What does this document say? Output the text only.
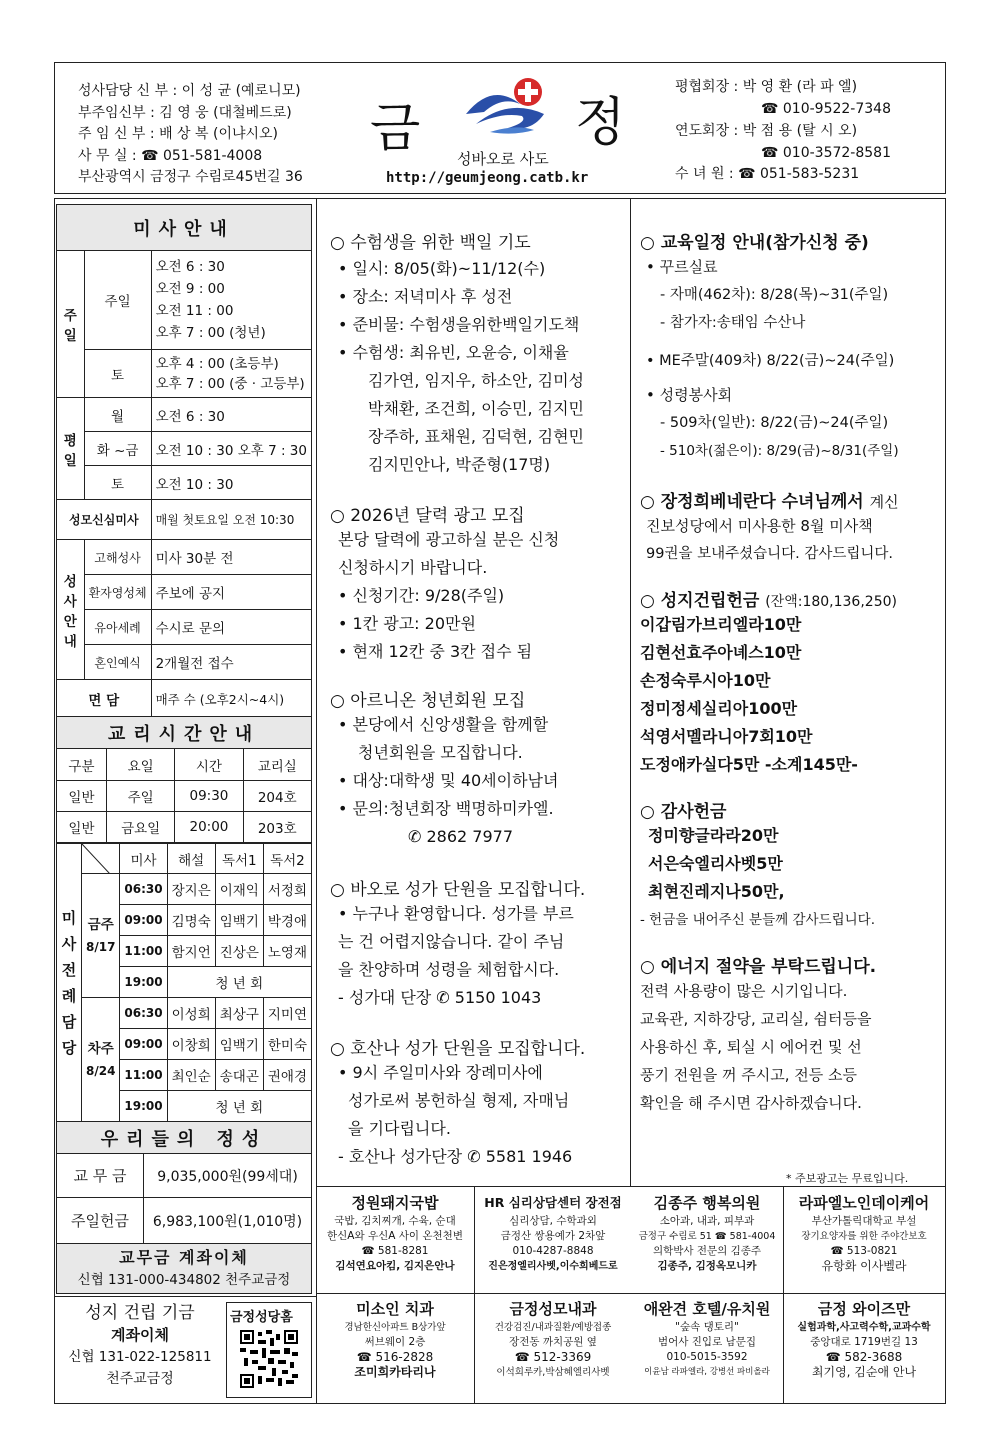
성사담당 신 부 : 이 성 균 (예로니모)
부주임신부 : 김 영 웅 (대철베드로)
주 임 신 부 : 배 상 복 (이냐시오)
사 무 실 : ☎ 051-581-4008
부산광역시 금정구 수림로45번길 36
금	정
성바오로 사도
http://geumjeong.catb.kr
평협회장 : 박 영 환 (라 파 엘)
☎ 010-9522-7348
연도회장 : 박 점 용 (탈 시 오)
☎ 010-3572-8581
수 녀 원 : ☎ 051-583-5231
미사안내		
주일	주일	오전 6 : 30
오전 9 : 00
오전 11 : 00
오후 7 : 00 (청년)

	토	오후 4 : 00 (초등부)
오후 7 : 00 (중 · 고등부)

평일	월	오전 6 : 30
	화 ~금	오전 10 : 30 오후 7 : 30
	토	오전 10 : 30
성모신심미사		매월 첫토요일 오전 10:30
성사안내	고해성사	미사 30분 전
	환자영성체	주보에 공지
	유아세례	수시로 문의
	혼인예식	2개월전 접수
면 담		매주 수 (오후2시~4시)
교리시간안내			
구분	요일	시간	교리실
일반	주일	09:30	204호
일반	금요일	20:00	203호
미사전례담당		미사	해설	독서1	독서2

	금주
8/17	06:30	장지은	이재익	서정희
		09:00	김명숙	임백기	박경애
		11:00	함지언	진상은	노영재
		19:00	청 년 회		

	차주
8/24	06:30	이성희	최상구	지미연
		09:00	이창희	임백기	한미숙
		11:00	최인순	송대곤	권애경
		19:00	청 년 회		
우리들의 정성	
교 무 금	9,035,000원(99세대)
주일헌금	6,983,100원(1,010명)

교무금 계좌이체
신협 131-000-434802 천주교금정	
성지 건립 기금
계좌이체
신협 131-022-125811
천주교금정
금정성당홈
○ 수험생을 위한 백일 기도
• 일시: 8/05(화)~11/12(수)
• 장소: 저녁미사 후 성전
• 준비물: 수험생을위한백일기도책
• 수험생: 최유빈, 오윤승, 이채율
김가연, 임지우, 하소안, 김미성
박채환, 조건희, 이승민, 김지민
장주하, 표채원, 김덕현, 김현민
김지민안나, 박준형(17명)
○ 2026년 달력 광고 모집
본당 달력에 광고하실 분은 신청
신청하시기 바랍니다.
• 신청기간: 9/28(주일)
• 1칸 광고: 20만원
• 현재 12칸 중 3칸 접수 됨
○ 아르니온 청년회원 모집
• 본당에서 신앙생활을 함께할
청년회원을 모집합니다.
• 대상:대학생 및 40세이하남녀
• 문의:청년회장 백명하미카엘.
✆ 2862 7977
○ 바오로 성가 단원을 모집합니다.
• 누구나 환영합니다. 성가를 부르
는 건 어렵지않습니다. 같이 주님
을 찬양하며 성령을 체험합시다.
- 성가대 단장 ✆ 5150 1043
○ 호산나 성가 단원을 모집합니다.
• 9시 주일미사와 장례미사에
성가로써 봉헌하실 형제, 자매님
을 기다립니다.
- 호산나 성가단장 ✆ 5581 1946
○ 교육일정 안내(참가신청 중)
• 꾸르실료
- 자매(462차): 8/28(목)~31(주일)
- 참가자:송태임 수산나
• ME주말(409차) 8/22(금)~24(주일)
• 성령봉사회
- 509차(일반): 8/22(금)~24(주일)
- 510차(젊은이): 8/29(금)~8/31(주일)
○ 장정희베네란다 수녀님께서 계신
진보성당에서 미사용한 8월 미사책
99권을 보내주셨습니다. 감사드립니다.
○ 성지건립헌금 (잔액:180,136,250)
이갑림가브리엘라10만
김현선효주아녜스10만
손정숙루시아10만
정미정세실리아100만
석영서멜라니아7회10만
도정애카실다5만 -소계145만-
○ 감사헌금
정미향글라라20만
서은숙엘리사벳5만
최현진레지나50만,
- 헌금을 내어주신 분들께 감사드립니다.
○ 에너지 절약을 부탁드립니다.
전력 사용량이 많은 시기입니다.
교육관, 지하강당, 교리실, 쉼터등을
사용하신 후, 퇴실 시 에어컨 및 선
풍기 전원을 꺼 주시고, 전등 소등
확인을 해 주시면 감사하겠습니다.
* 주보광고는 무료입니다.
정원돼지국밥
국밥, 김치찌개, 수육, 순대
한신A와 우신A 사이 온천천변
☎ 581-8281
김석연요아킴, 김지은안나
HR 심리상담센터 장전점
심리상담, 수학과외
금정산 쌍용예가 2차앞
010-4287-8848
진은정엘리사벳,이수희베드로
김종주 행복의원
소아과, 내과, 피부과
금정구 수림로 51 ☎ 581-4004
의학박사 전문의 김종주
김종주, 김정옥모니카
라파엘노인데이케어
부산가톨릭대학교 부설
장기요양자를 위한 주야간보호
☎ 513-0821
유항화 이사벨라
미소인 치과
경남한신아파트 B상가앞
써브웨이 2층
☎ 516-2828
조미희카타리나
금정성모내과
건강검진/내과질환/예방접종
장전동 까치공원 옆
☎ 512-3369
이석희루카,박삼혜엘리사벳
애완견 호텔/유치원
"숲속 댕토리"
범어사 진입로 남문집
010-5015-3592
이윤남 라파엘라, 강병선 파비올라
금정 와이즈만
실험과학,사고력수학,교과수학
중앙대로 1719번길 13
☎ 582-3688
최기영, 김순애 안나
